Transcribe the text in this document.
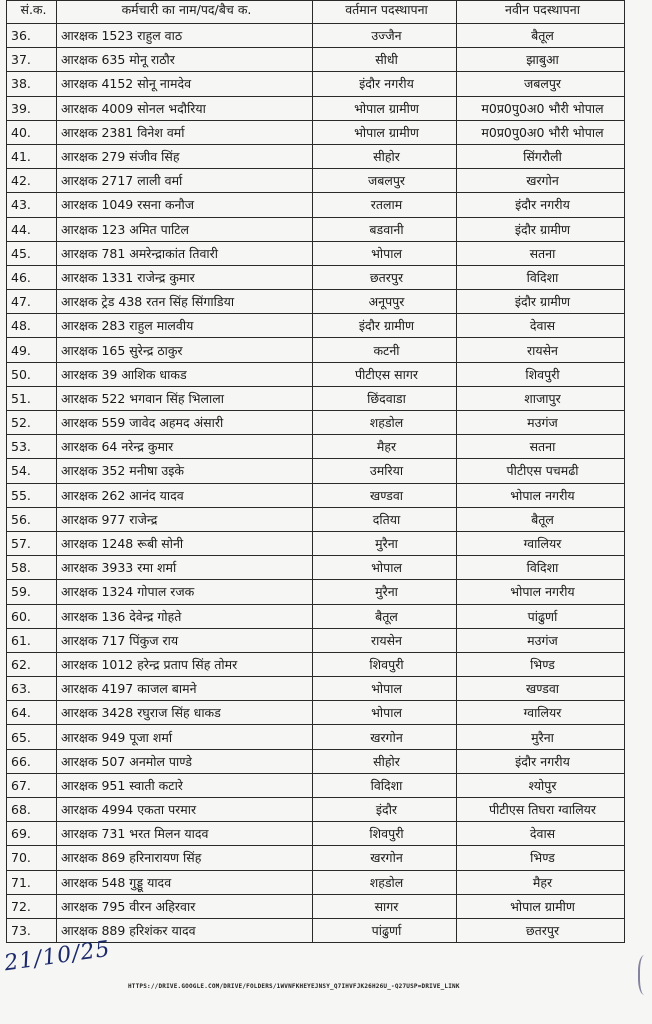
सं.क.	कर्मचारी का नाम/पद/बैच क.	वर्तमान पदस्थापना	नवीन पदस्थापना
36.	आरक्षक 1523 राहुल वाठ	उज्जैन	बैतूल
37.	आरक्षक 635 मोनू राठौर	सीधी	झाबुआ
38.	आरक्षक 4152 सोनू नामदेव	इंदौर नगरीय	जबलपुर
39.	आरक्षक 4009 सोनल भदौरिया	भोपाल ग्रामीण	म0प्र0पु0अ0 भौरी भोपाल
40.	आरक्षक 2381 विनेश वर्मा	भोपाल ग्रामीण	म0प्र0पु0अ0 भौरी भोपाल
41.	आरक्षक 279 संजीव सिंह	सीहोर	सिंगरौली
42.	आरक्षक 2717 लाली वर्मा	जबलपुर	खरगोन
43.	आरक्षक 1049 रसना कनौज	रतलाम	इंदौर नगरीय
44.	आरक्षक 123 अमित पाटिल	बडवानी	इंदौर ग्रामीण
45.	आरक्षक 781 अमरेन्द्राकांत तिवारी	भोपाल	सतना
46.	आरक्षक 1331 राजेन्द्र कुमार	छतरपुर	विदिशा
47.	आरक्षक ट्रेड 438 रतन सिंह सिंगाडिया	अनूपपुर	इंदौर ग्रामीण
48.	आरक्षक 283 राहुल मालवीय	इंदौर ग्रामीण	देवास
49.	आरक्षक 165 सुरेन्द्र ठाकुर	कटनी	रायसेन
50.	आरक्षक 39 आशिक धाकड	पीटीएस सागर	शिवपुरी
51.	आरक्षक 522 भगवान सिंह भिलाला	छिंदवाडा	शाजापुर
52.	आरक्षक 559 जावेद अहमद अंसारी	शहडोल	मउगंज
53.	आरक्षक 64 नरेन्द्र कुमार	मैहर	सतना
54.	आरक्षक 352 मनीषा उइके	उमरिया	पीटीएस पचमढी
55.	आरक्षक 262 आनंद यादव	खण्डवा	भोपाल नगरीय
56.	आरक्षक 977 राजेन्द्र	दतिया	बैतूल
57.	आरक्षक 1248 रूबी सोनी	मुरैना	ग्वालियर
58.	आरक्षक 3933 रमा शर्मा	भोपाल	विदिशा
59.	आरक्षक 1324 गोपाल रजक	मुरैना	भोपाल नगरीय
60.	आरक्षक 136 देवेन्द्र गोहते	बैतूल	पांढुर्णा
61.	आरक्षक 717 पिंकुज राय	रायसेन	मउगंज
62.	आरक्षक 1012 हरेन्द्र प्रताप सिंह तोमर	शिवपुरी	भिण्ड
63.	आरक्षक 4197 काजल बामने	भोपाल	खण्डवा
64.	आरक्षक 3428 रघुराज सिंह धाकड	भोपाल	ग्वालियर
65.	आरक्षक 949 पूजा शर्मा	खरगोन	मुरैना
66.	आरक्षक 507 अनमोल पाण्डे	सीहोर	इंदौर नगरीय
67.	आरक्षक 951 स्वाती कटारे	विदिशा	श्योपुर
68.	आरक्षक 4994 एकता परमार	इंदौर	पीटीएस तिघरा ग्वालियर
69.	आरक्षक 731 भरत मिलन यादव	शिवपुरी	देवास
70.	आरक्षक 869 हरिनारायण सिंह	खरगोन	भिण्ड
71.	आरक्षक 548 गुड्डू यादव	शहडोल	मैहर
72.	आरक्षक 795 वीरन अहिरवार	सागर	भोपाल ग्रामीण
73.	आरक्षक 889 हरिशंकर यादव	पांढुर्णा	छतरपुर
21/10/25
HTTPS://DRIVE.GOOGLE.COM/DRIVE/FOLDERS/1WVNFKHEYEJNSY_Q7IHVFJK26H26U_-Q27USP=DRIVE_LINK
